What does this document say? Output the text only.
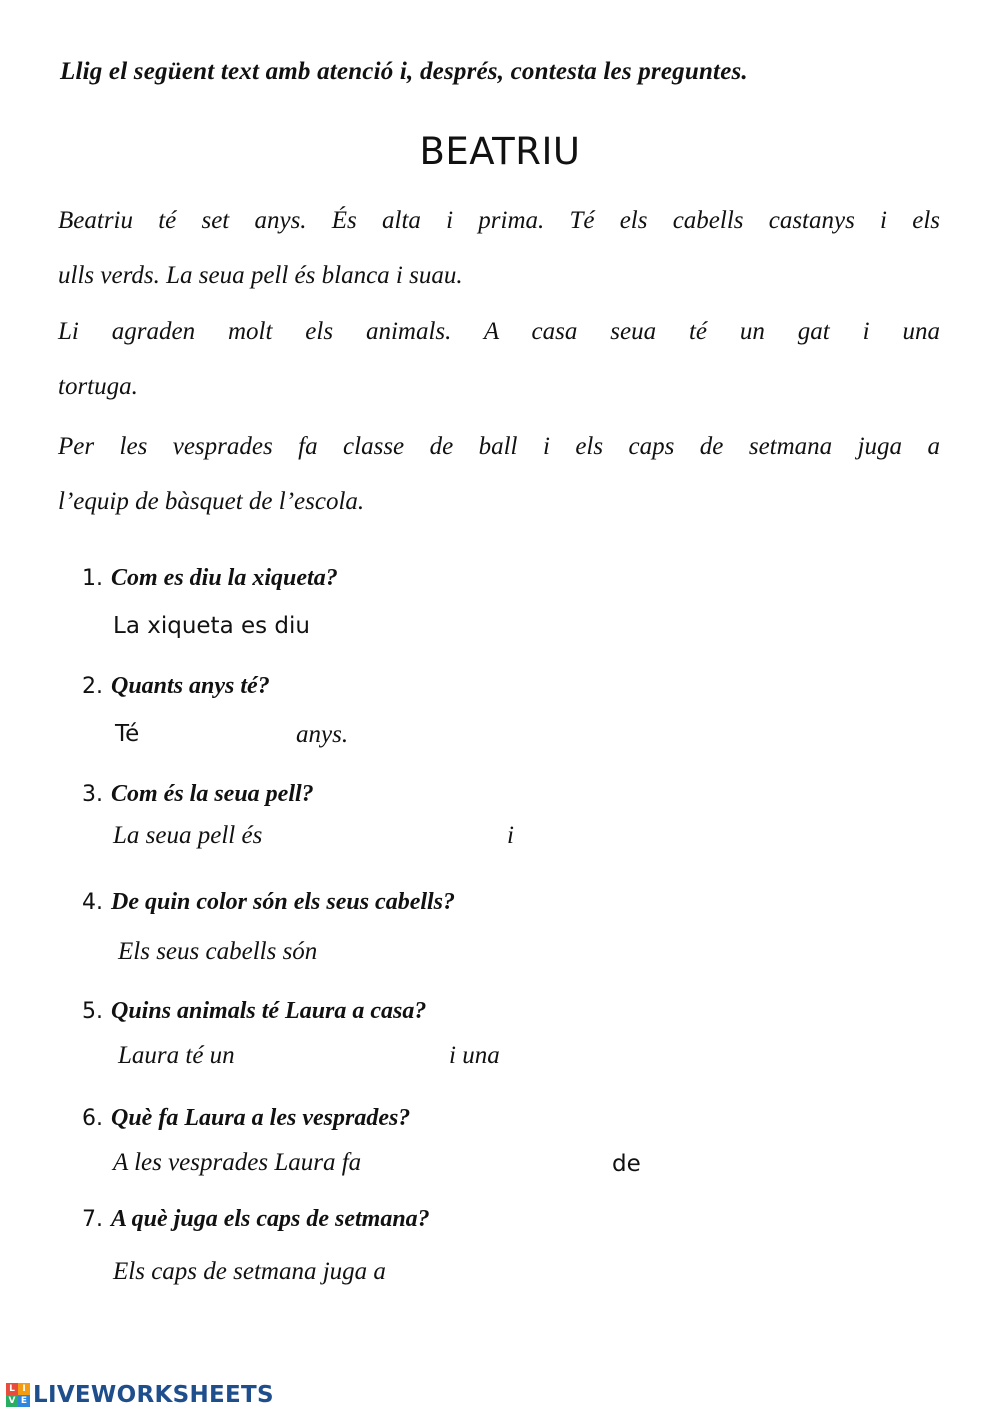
Llig el següent text amb atenció i, després, contesta les preguntes.
BEATRIU
Beatriu té set anys. És alta i prima. Té els cabells castanys i els
ulls verds. La seua pell és blanca i suau.
Li agraden molt els animals. A casa seua té un gat i una
tortuga.
Per les vesprades fa classe de ball i els caps de setmana juga a
l’equip de bàsquet de l’escola.
1. Com es diu la xiqueta?
La xiqueta es diu
2. Quants anys té?
Té	anys.
3. Com és la seua pell?
La seua pell és	i
4. De quin color són els seus cabells?
Els seus cabells són
5. Quins animals té Laura a casa?
Laura té un	i una
6. Què fa Laura a les vesprades?
A les vesprades Laura fa	de
7. A què juga els caps de setmana?
Els caps de setmana juga a
L I
V E LIVEWORKSHEETS
